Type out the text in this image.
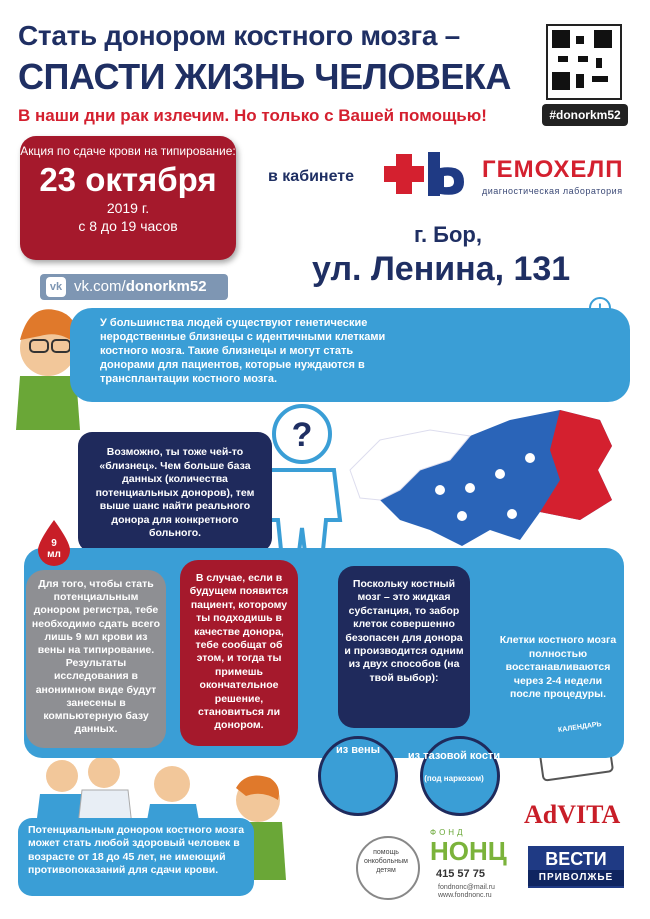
?
Стать донором костного мозга –
СПАСТИ ЖИЗНЬ ЧЕЛОВЕКА
В наши дни рак излечим. Но только с Вашей помощью!	#donorkm52
Акция по сдаче крови на типирование:
23 октября
2019 г.
с 8 до 19 часов
в кабинете	ГЕМОХЕЛП
диагностическая лаборатория
г. Бор,
ул. Ленина, 131
vk vk.com/donorkm52
У большинства людей существуют генетические неродственные близнецы с идентичными клетками костного мозга. Такие близнецы и могут стать донорами для пациентов, которые нуждаются в трансплантации костного мозга.
Возможно, ты тоже чей-то «близнец». Чем больше база данных (количества потенциальных доноров), тем выше шанс найти реального донора для конкретного больного.
9
мл
Для того, чтобы стать потенциальным донором регистра, тебе необходимо сдать всего лишь 9 мл крови из вены на типирование. Результаты исследования в анонимном виде будут занесены в компьютерную базу данных.
В случае, если в будущем появится пациент, которому ты подходишь в качестве донора, тебе сообщат об этом, и тогда ты примешь окончательное решение, становиться ли донором.
Поскольку костный мозг – это жидкая субстанция, то забор клеток совершенно безопасен для донора и производится одним из двух способов (на твой выбор):
Клетки костного мозга полностью восстанавливаются через 2-4 недели после процедуры.
из вены	из тазовой кости
(под наркозом)
КАЛЕНДАРЬ
Потенциальным донором костного мозга может стать любой здоровый человек в возрасте от 18 до 45 лет, не имеющий противопоказаний для сдачи крови.
помощь онкобольным детям
ФОНД
НОНЦ
415 57 75
fondnonc@mail.ru
www.fondnonc.ru
AdVITA
ВЕСТИ
ПРИВОЛЖЬЕ
